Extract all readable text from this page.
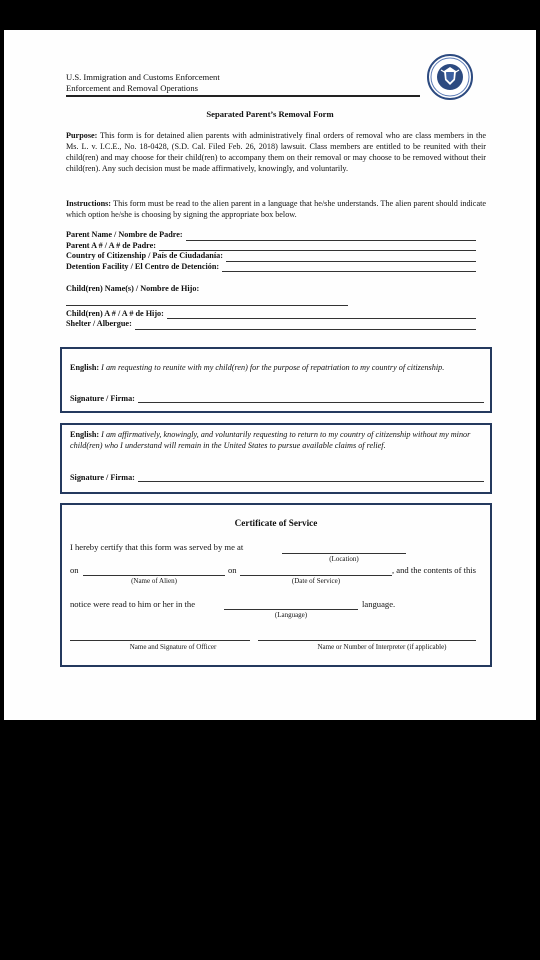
U.S. Immigration and Customs Enforcement
Enforcement and Removal Operations
Separated Parent’s Removal Form
Purpose: This form is for detained alien parents with administratively final orders of removal who are class members in the Ms. L. v. I.C.E., No. 18-0428, (S.D. Cal. Filed Feb. 26, 2018) lawsuit. Class members are entitled to be reunited with their child(ren) and may choose for their child(ren) to accompany them on their removal or may choose to be removed without their child(ren). Any such decision must be made affirmatively, knowingly, and voluntarily.
Instructions: This form must be read to the alien parent in a language that he/she understands. The alien parent should indicate which option he/she is choosing by signing the appropriate box below.
Parent Name / Nombre de Padre:
Parent A # / A # de Padre:
Country of Citizenship / País de Ciudadanía:
Detention Facility / El Centro de Detención:
Child(ren) Name(s) / Nombre de Hijo:
Child(ren) A # / A # de Hijo:
Shelter / Albergue:
English: I am requesting to reunite with my child(ren) for the purpose of repatriation to my country of citizenship.
Signature / Firma:
English: I am affirmatively, knowingly, and voluntarily requesting to return to my country of citizenship without my minor child(ren) who I understand will remain in the United States to pursue available claims of relief.
Signature / Firma:
Certificate of Service
I hereby certify that this form was served by me at
(Location)
on
(Name of Alien)
on
(Date of Service)
, and the contents of this
notice were read to him or her in the
(Language)
language.
Name and Signature of Officer	Name or Number of Interpreter (if applicable)
